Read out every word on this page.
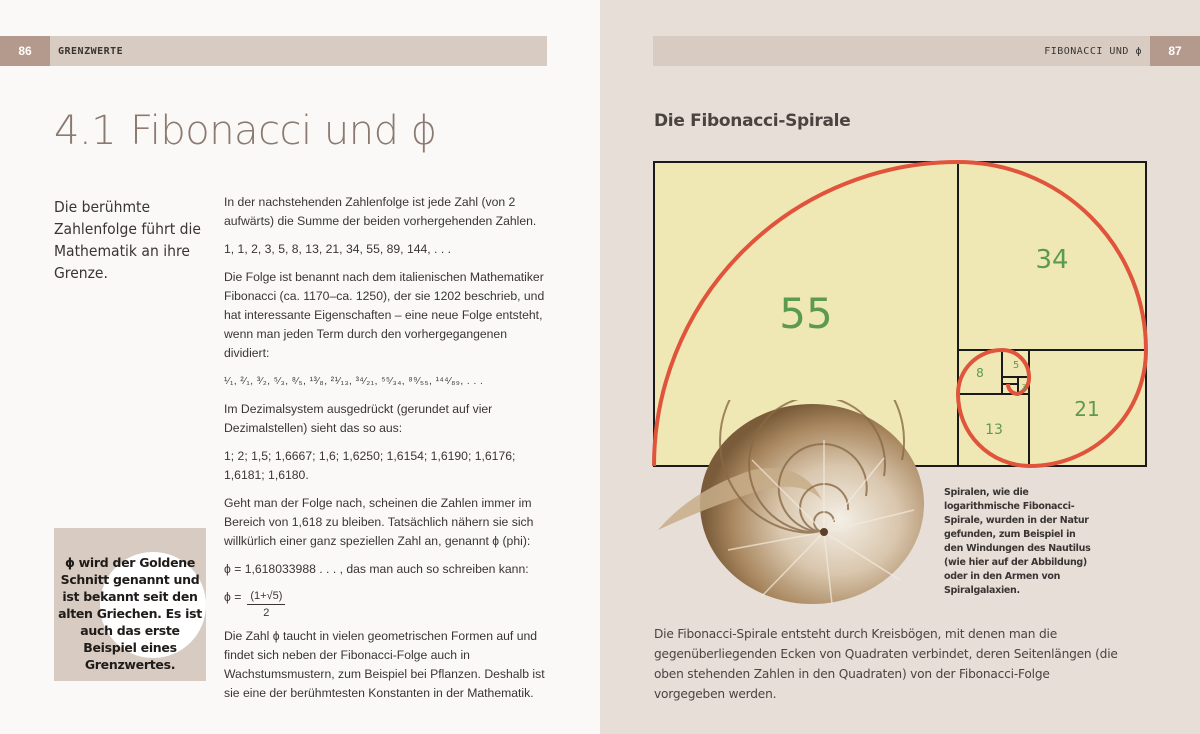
86	GRENZWERTE
4.1 Fibonacci und ϕ
Die berühmte Zahlenfolge führt die Mathematik an ihre Grenze.

In der nachstehenden Zahlenfolge ist jede Zahl (von 2 aufwärts) die Summe der beiden vorhergehenden Zahlen.

1, 1, 2, 3, 5, 8, 13, 21, 34, 55, 89, 144, . . .

Die Folge ist benannt nach dem italienischen Mathematiker Fibonacci (ca. 1170–ca. 1250), der sie 1202 beschrieb, und hat interessante Eigenschaften – eine neue Folge entsteht, wenn man jeden Term durch den vorhergegangenen dividiert:

¹⁄₁, ²⁄₁, ³⁄₂, ⁵⁄₃, ⁸⁄₅, ¹³⁄₈, ²¹⁄₁₃, ³⁴⁄₂₁, ⁵⁵⁄₃₄, ⁸⁹⁄₅₅, ¹⁴⁴⁄₈₉, . . .

Im Dezimalsystem ausgedrückt (gerundet auf vier Dezimalstellen) sieht das so aus:

1; 2; 1,5; 1,6667; 1,6; 1,6250; 1,6154; 1,6190; 1,6176; 1,6181; 1,6180.

Geht man der Folge nach, scheinen die Zahlen immer im Bereich von 1,618 zu bleiben. Tatsächlich nähern sie sich willkürlich einer ganz speziellen Zahl an, genannt ϕ (phi):

ϕ = 1,618033988 . . . , das man auch so schreiben kann:

$\phi = \frac{(1+√5)}{2}$

Die Zahl ϕ taucht in vielen geometrischen Formen auf und findet sich neben der Fibonacci-Folge auch in Wachstumsmustern, zum Beispiel bei Pflanzen. Deshalb ist sie eine der berühmtesten Konstanten in der Mathematik.

ϕ wird der Goldene Schnitt genannt und ist bekannt seit den alten Griechen. Es ist auch das erste Beispiel eines Grenzwertes.
FIBONACCI UND ϕ	87
Die Fibonacci-Spirale
55
34
21
13
8
5
3
Spiralen, wie die logarithmische Fibonacci-Spirale, wurden in der Natur gefunden, zum Beispiel in den Windungen des Nautilus (wie hier auf der Abbildung) oder in den Armen von Spiralgalaxien.
Die Fibonacci-Spirale entsteht durch Kreisbögen, mit denen man die gegenüberliegenden Ecken von Quadraten verbindet, deren Seitenlängen (die oben stehenden Zahlen in den Quadraten) von der Fibonacci-Folge vorgegeben werden.
